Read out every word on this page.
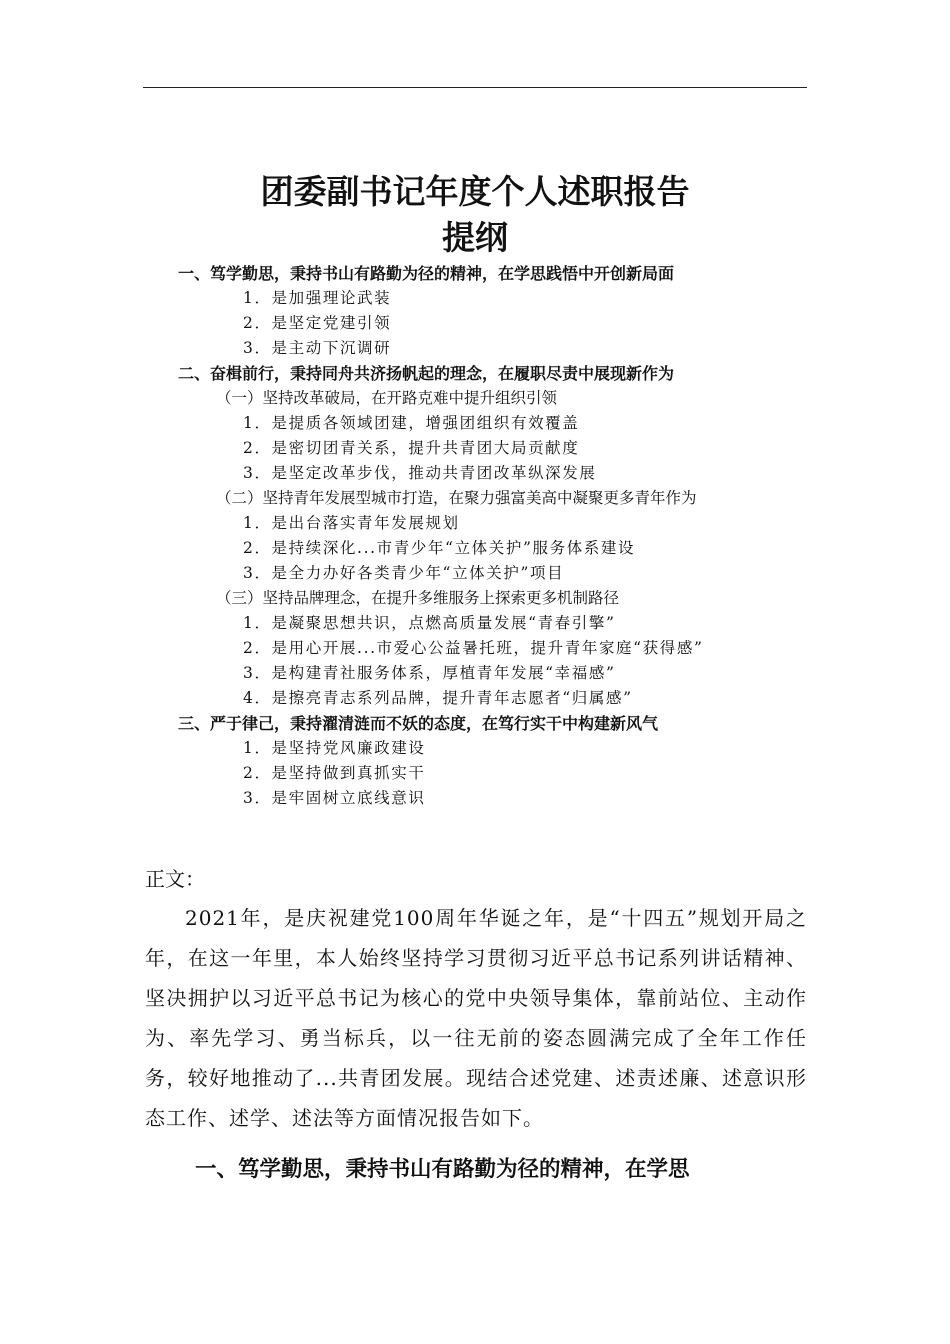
团委副书记年度个人述职报告
提纲
一、笃学勤思，秉持书山有路勤为径的精神，在学思践悟中开创新局面
1．是加强理论武装
2．是坚定党建引领
3．是主动下沉调研
二、奋楫前行，秉持同舟共济扬帆起的理念，在履职尽责中展现新作为
（一）坚持改革破局，在开路克难中提升组织引领
1．是提质各领域团建，增强团组织有效覆盖
2．是密切团青关系，提升共青团大局贡献度
3．是坚定改革步伐，推动共青团改革纵深发展
（二）坚持青年发展型城市打造，在聚力强富美高中凝聚更多青年作为
1．是出台落实青年发展规划
2．是持续深化...市青少年“立体关护”服务体系建设
3．是全力办好各类青少年“立体关护”项目
（三）坚持品牌理念，在提升多维服务上探索更多机制路径
1．是凝聚思想共识，点燃高质量发展“青春引擎”
2．是用心开展...市爱心公益暑托班，提升青年家庭“获得感”
3．是构建青社服务体系，厚植青年发展“幸福感”
4．是擦亮青志系列品牌，提升青年志愿者“归属感”
三、严于律己，秉持濯清涟而不妖的态度，在笃行实干中构建新风气
1．是坚持党风廉政建设
2．是坚持做到真抓实干
3．是牢固树立底线意识
正文：

2021年，是庆祝建党100周年华诞之年，是“十四五”规划开局之年，在这一年里，本人始终坚持学习贯彻习近平总书记系列讲话精神、坚决拥护以习近平总书记为核心的党中央领导集体，靠前站位、主动作为、率先学习、勇当标兵，以一往无前的姿态圆满完成了全年工作任务，较好地推动了...共青团发展。现结合述党建、述责述廉、述意识形态工作、述学、述法等方面情况报告如下。

一、笃学勤思，秉持书山有路勤为径的精神，在学思
